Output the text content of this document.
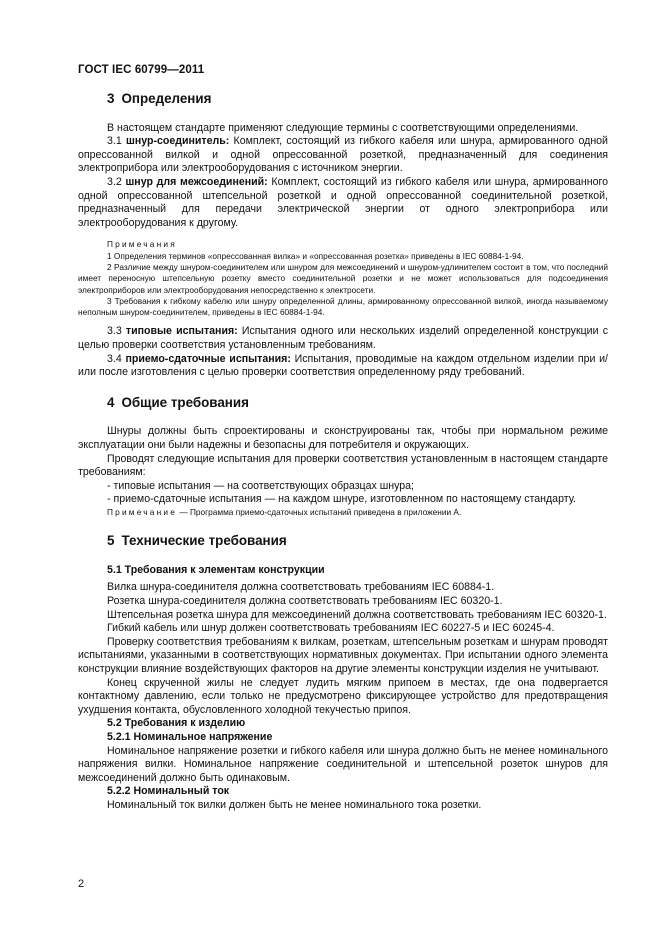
ГОСТ IEC 60799—2011
3 Определения

В настоящем стандарте применяют следующие термины с соответствующими определениями.

3.1 шнур-соединитель: Комплект, состоящий из гибкого кабеля или шнура, армированного одной опрессованной вилкой и одной опрессованной розеткой, предназначенный для соединения электроприбора или электрооборудования с источником энергии.

3.2 шнур для межсоединений: Комплект, состоящий из гибкого кабеля или шнура, армированного одной опрессованной штепсельной розеткой и одной опрессованной соединительной розеткой, предназначенный для передачи электрической энергии от одного электроприбора или электрооборудования к другому.

Примечания

1 Определения терминов «опрессованная вилка» и «опрессованная розетка» приведены в IEC 60884-1-94.

2 Различие между шнуром-соединителем или шнуром для межсоединений и шнуром-удлинителем состоит в том, что последний имеет переносную штепсельную розетку вместо соединительной розетки и не может использоваться для подсоединения электроприборов или электрооборудования непосредственно к электросети.

3 Требования к гибкому кабелю или шнуру определенной длины, армированному опрессованной вилкой, иногда называемому неполным шнуром-соединителем, приведены в IEC 60884-1-94.

3.3 типовые испытания: Испытания одного или нескольких изделий определенной конструкции с целью проверки соответствия установленным требованиям.

3.4 приемо-сдаточные испытания: Испытания, проводимые на каждом отдельном изделии при и/или после изготовления с целью проверки соответствия определенному ряду требований.

4 Общие требования

Шнуры должны быть спроектированы и сконструированы так, чтобы при нормальном режиме эксплуатации они были надежны и безопасны для потребителя и окружающих.

Проводят следующие испытания для проверки соответствия установленным в настоящем стандарте требованиям:

- типовые испытания — на соответствующих образцах шнура;

- приемо-сдаточные испытания — на каждом шнуре, изготовленном по настоящему стандарту.

Примечание — Программа приемо-сдаточных испытаний приведена в приложении А.

5 Технические требования

5.1 Требования к элементам конструкции

Вилка шнура-соединителя должна соответствовать требованиям IEC 60884-1.

Розетка шнура-соединителя должна соответствовать требованиям IEC 60320-1.

Штепсельная розетка шнура для межсоединений должна соответствовать требованиям IEC 60320-1.

Гибкий кабель или шнур должен соответствовать требованиям IEC 60227-5 и IEC 60245-4.

Проверку соответствия требованиям к вилкам, розеткам, штепсельным розеткам и шнурам проводят испытаниями, указанными в соответствующих нормативных документах. При испытании одного элемента конструкции влияние воздействующих факторов на другие элементы конструкции изделия не учитывают.

Конец скрученной жилы не следует лудить мягким припоем в местах, где она подвергается контактному давлению, если только не предусмотрено фиксирующее устройство для предотвращения ухудшения контакта, обусловленного холодной текучестью припоя.

5.2 Требования к изделию

5.2.1 Номинальное напряжение

Номинальное напряжение розетки и гибкого кабеля или шнура должно быть не менее номинального напряжения вилки. Номинальное напряжение соединительной и штепсельной розеток шнуров для межсоединений должно быть одинаковым.

5.2.2 Номинальный ток

Номинальный ток вилки должен быть не менее номинального тока розетки.

2
